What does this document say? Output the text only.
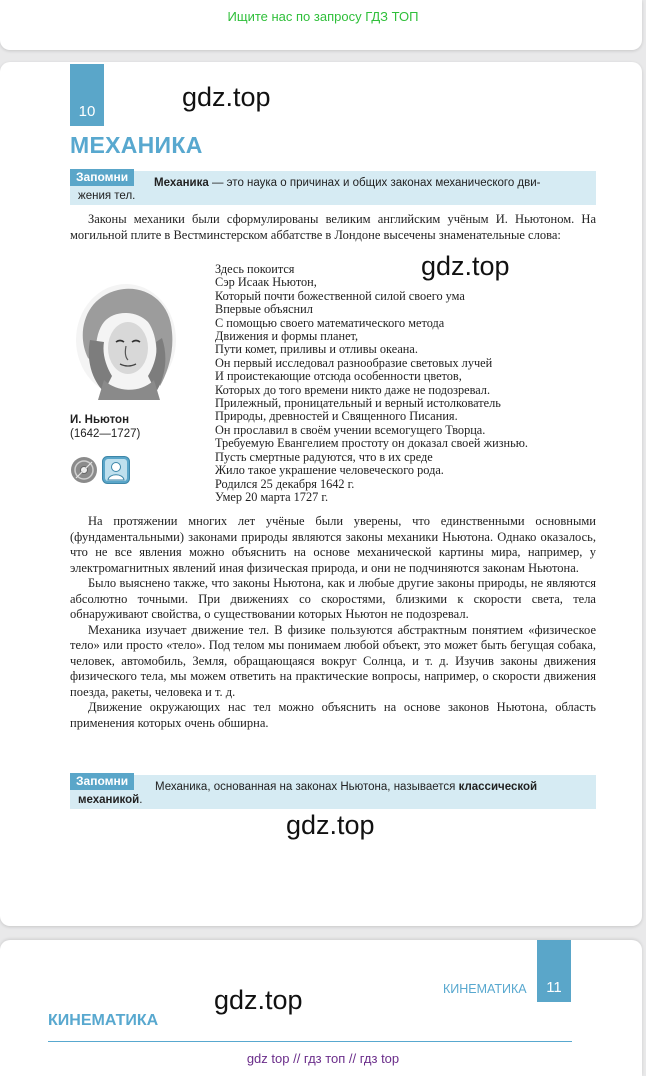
Ищите нас по запросу ГДЗ ТОП
10	gdz.top
gdz.top
МЕХАНИКА
Запомни	Механика — это наука о причинах и общих законах механического дви-
жения тел.

Законы механики были сформулированы великим английским учёным И. Ньютоном. На могильной плите в Вестминстерском аббатстве в Лондоне высечены знаменательные слова:

И. Ньютон
(1642—1727)
Здесь покоится
Сэр Исаак Ньютон,
Который почти божественной силой своего ума
Впервые объяснил
С помощью своего математического метода
Движения и формы планет,
Пути комет, приливы и отливы океана.
Он первый исследовал разнообразие световых лучей
И проистекающие отсюда особенности цветов,
Которых до того времени никто даже не подозревал.
Прилежный, проницательный и верный истолкователь
Природы, древностей и Священного Писания.
Он прославил в своём учении всемогущего Творца.
Требуемую Евангелием простоту он доказал своей жизнью.
Пусть смертные радуются, что в их среде
Жило такое украшение человеческого рода.
Родился 25 декабря 1642 г.
Умер 20 марта 1727 г.

На протяжении многих лет учёные были уверены, что единственными основными (фундаментальными) законами природы являются законы механики Ньютона. Однако оказалось, что не все явления можно объяснить на основе механической картины мира, например, у электромагнитных явлений иная физическая природа, и они не подчиняются законам Ньютона.

Было выяснено также, что законы Ньютона, как и любые другие законы природы, не являются абсолютно точными. При движениях со скоростями, близкими к скорости света, тела обнаруживают свойства, о существовании которых Ньютон не подозревал.

Механика изучает движение тел. В физике пользуются абстрактным понятием «физическое тело» или просто «тело». Под телом мы понимаем любой объект, это может быть бегущая собака, человек, автомобиль, Земля, обращающаяся вокруг Солнца, и т. д. Изучив законы движения физического тела, мы можем ответить на практические вопросы, например, о скорости движения поезда, ракеты, человека и т. д.

Движение окружающих нас тел можно объяснить на основе законов Ньютона, область применения которых очень обширна.

Запомни	Механика, основанная на законах Ньютона, называется классической
механикой.
gdz.top
11
КИНЕМАТИКА
gdz.top
КИНЕМАТИКА
gdz top // гдз топ // гдз top
